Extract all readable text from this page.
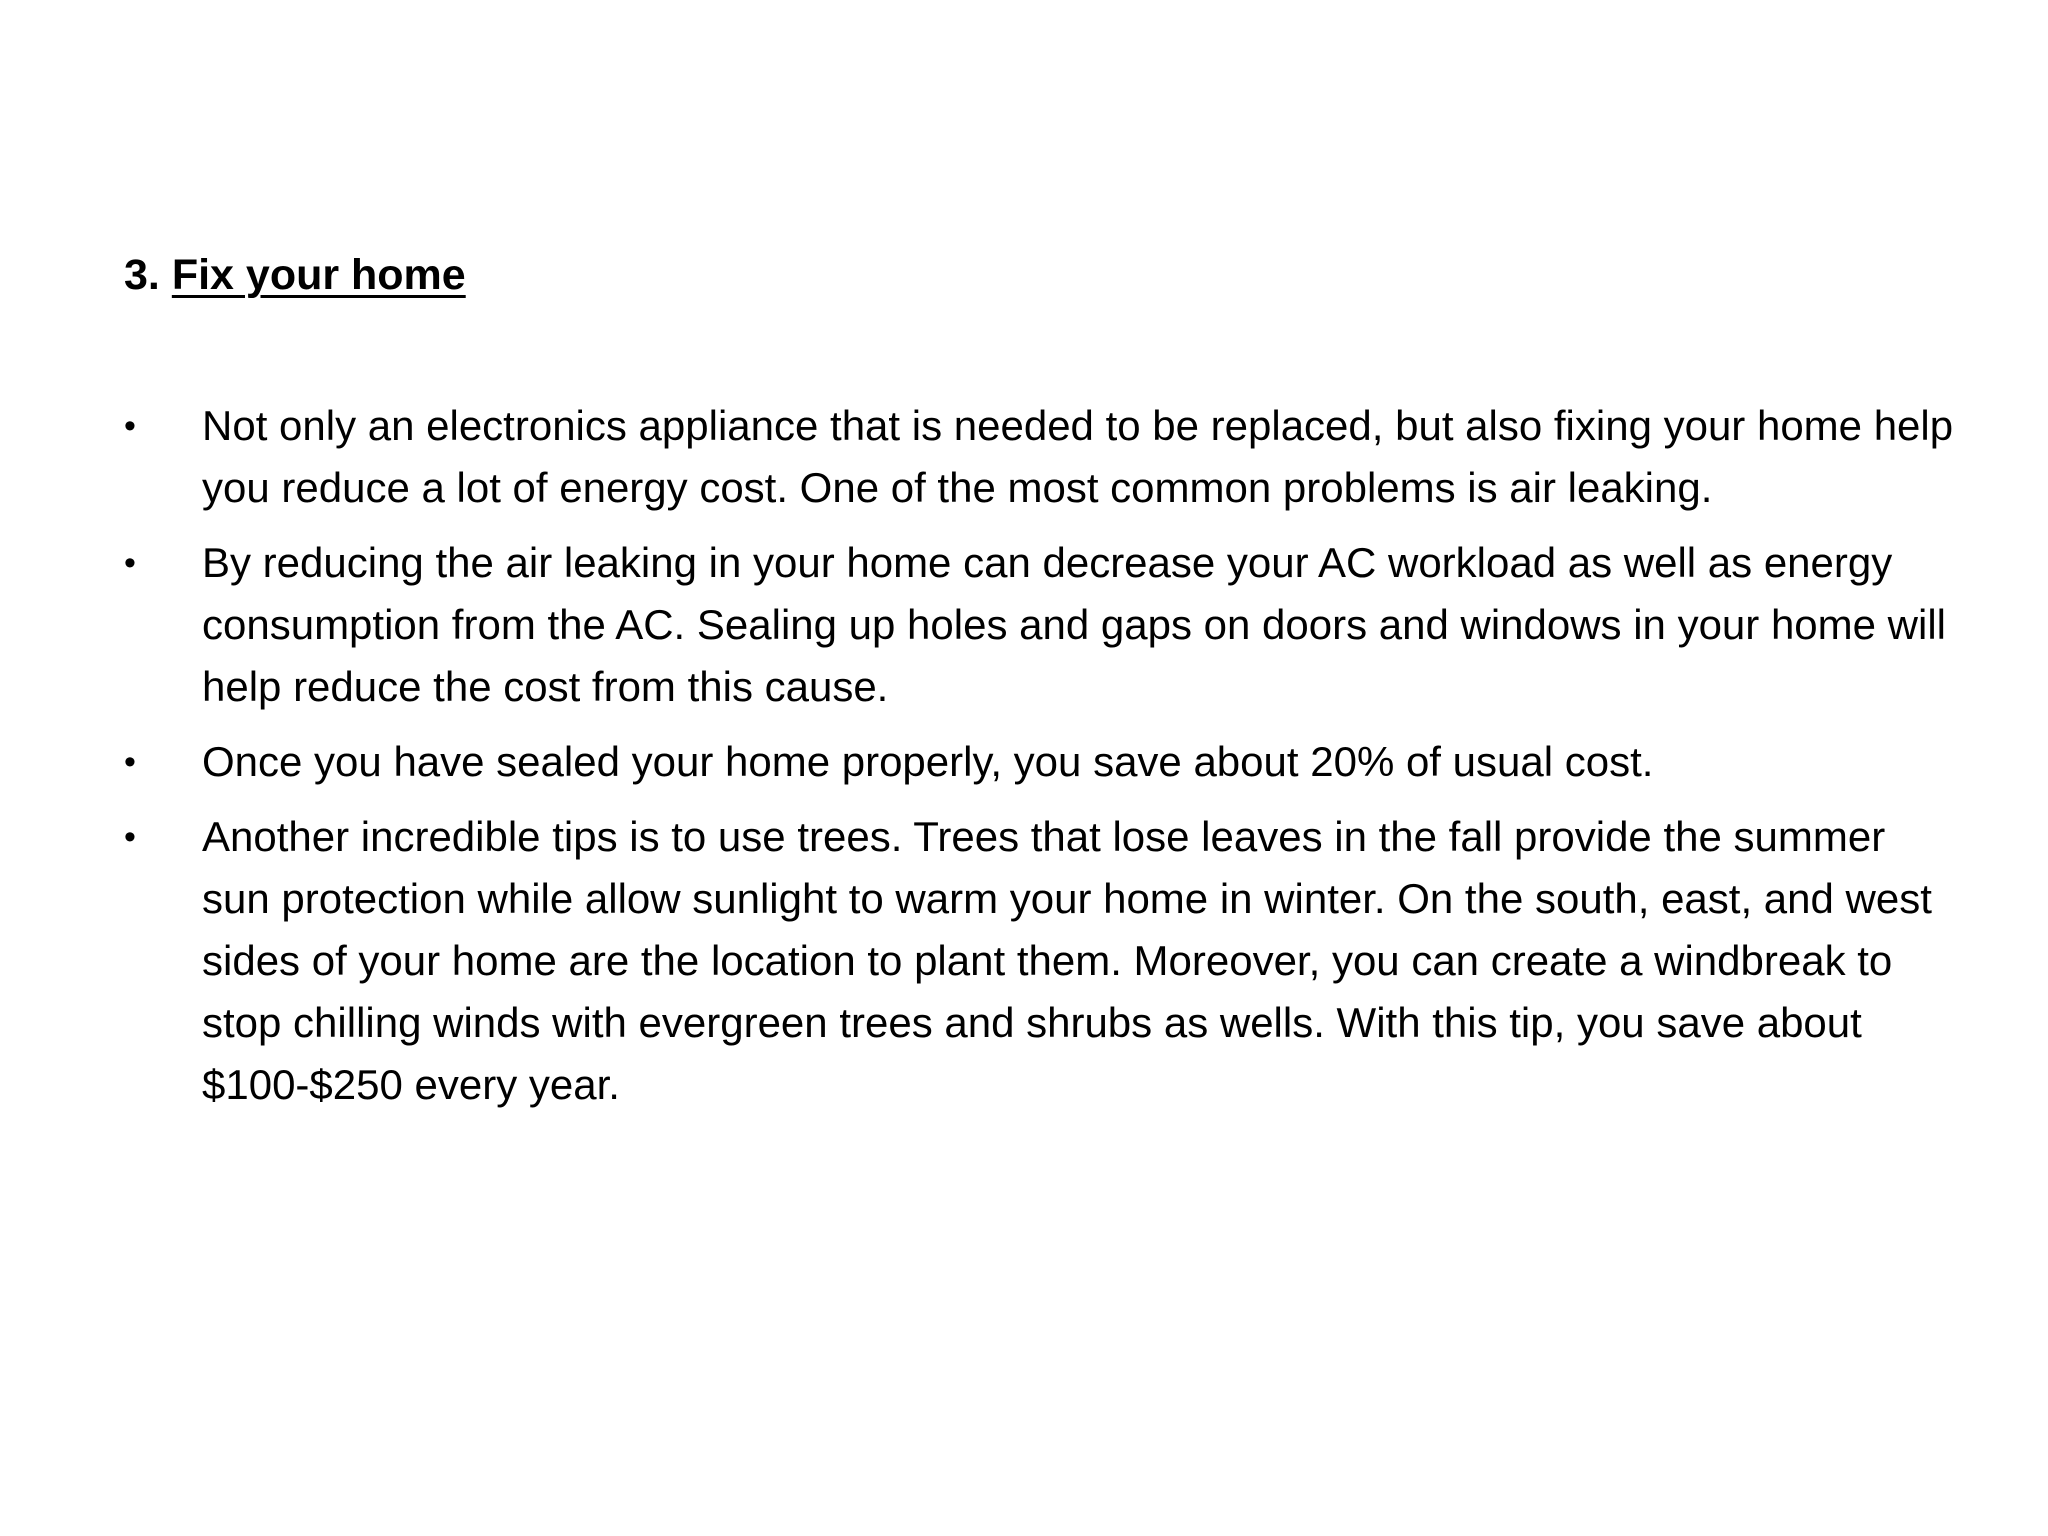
3. Fix your home
•	Not only an electronics appliance that is needed to be replaced, but also fixing your home help you reduce a lot of energy cost. One of the most common problems is air leaking.
•	By reducing the air leaking in your home can decrease your AC workload as well as energy consumption from the AC. Sealing up holes and gaps on doors and windows in your home will help reduce the cost from this cause.
•	Once you have sealed your home properly, you save about 20% of usual cost.
•	Another incredible tips is to use trees. Trees that lose leaves in the fall provide the summer sun protection while allow sunlight to warm your home in winter. On the south, east, and west sides of your home are the location to plant them. Moreover, you can create a windbreak to stop chilling winds with evergreen trees and shrubs as wells. With this tip, you save about $100-$250 every year.
